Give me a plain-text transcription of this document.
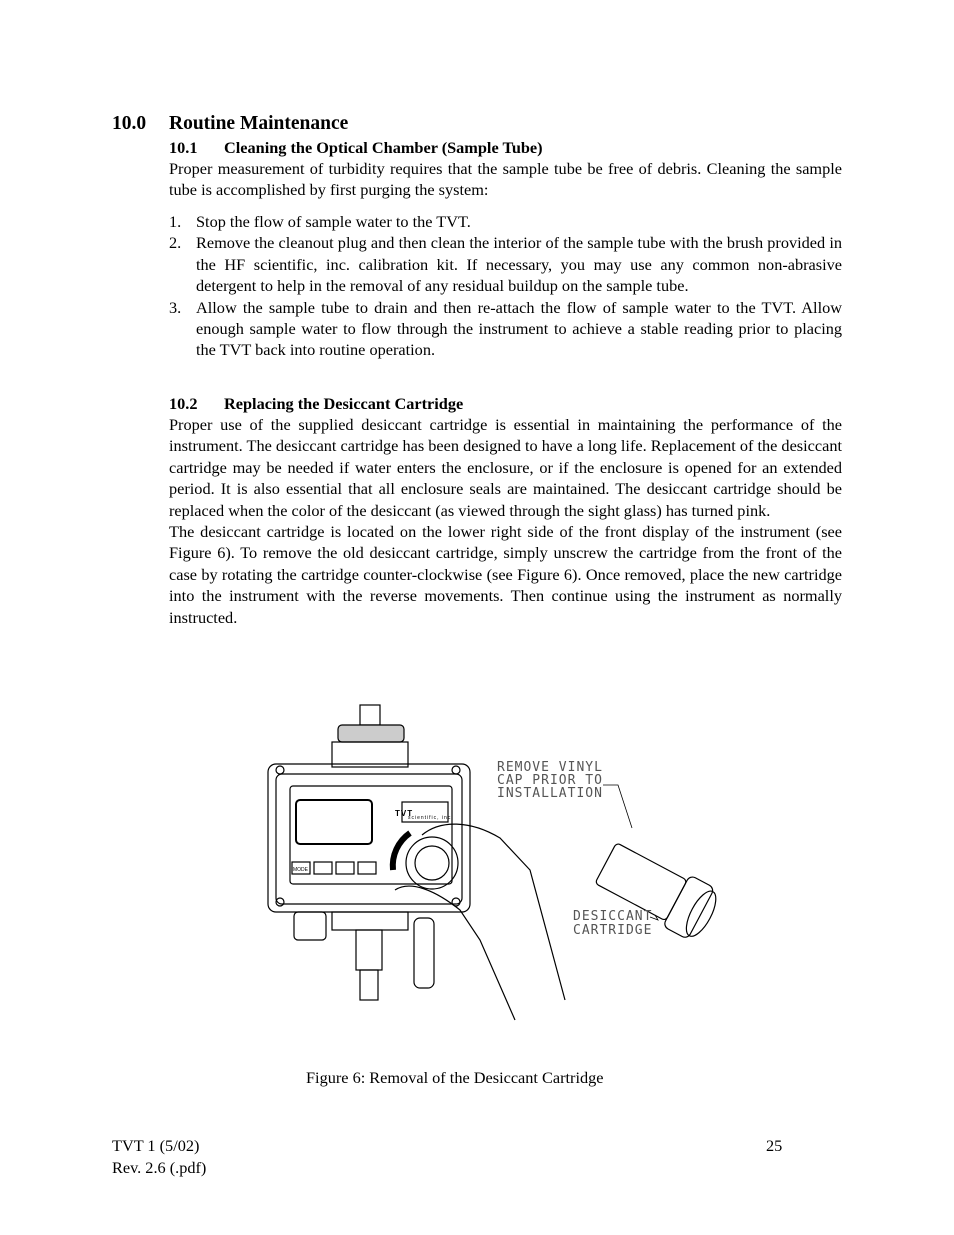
10.0 Routine Maintenance
10.1 Cleaning the Optical Chamber (Sample Tube)

Proper measurement of turbidity requires that the sample tube be free of debris. Cleaning the sample tube is accomplished by first purging the system:

1. Stop the flow of sample water to the TVT.
2. Remove the cleanout plug and then clean the interior of the sample tube with the brush provided in the HF scientific, inc. calibration kit. If necessary, you may use any common non-abrasive detergent to help in the removal of any residual buildup on the sample tube.
3. Allow the sample tube to drain and then re-attach the flow of sample water to the TVT. Allow enough sample water to flow through the instrument to achieve a stable reading prior to placing the TVT back into routine operation.
10.2 Replacing the Desiccant Cartridge

Proper use of the supplied desiccant cartridge is essential in maintaining the performance of the instrument. The desiccant cartridge has been designed to have a long life. Replacement of the desiccant cartridge may be needed if water enters the enclosure, or if the enclosure is opened for an extended period. It is also essential that all enclosure seals are maintained. The desiccant cartridge should be replaced when the color of the desiccant (as viewed through the sight glass) has turned pink.

The desiccant cartridge is located on the lower right side of the front display of the instrument (see Figure 6). To remove the old desiccant cartridge, simply unscrew the cartridge from the front of the case by rotating the cartridge counter-clockwise (see Figure 6). Once removed, place the new cartridge into the instrument with the reverse movements. Then continue using the instrument as normally instructed.

TVT
scientific, inc.
MODE
REMOVE VINYL
CAP PRIOR TO
INSTALLATION
DESICCANT
CARTRIDGE
Figure 6: Removal of the Desiccant Cartridge
TVT 1 (5/02)
Rev. 2.6 (.pdf)
25
